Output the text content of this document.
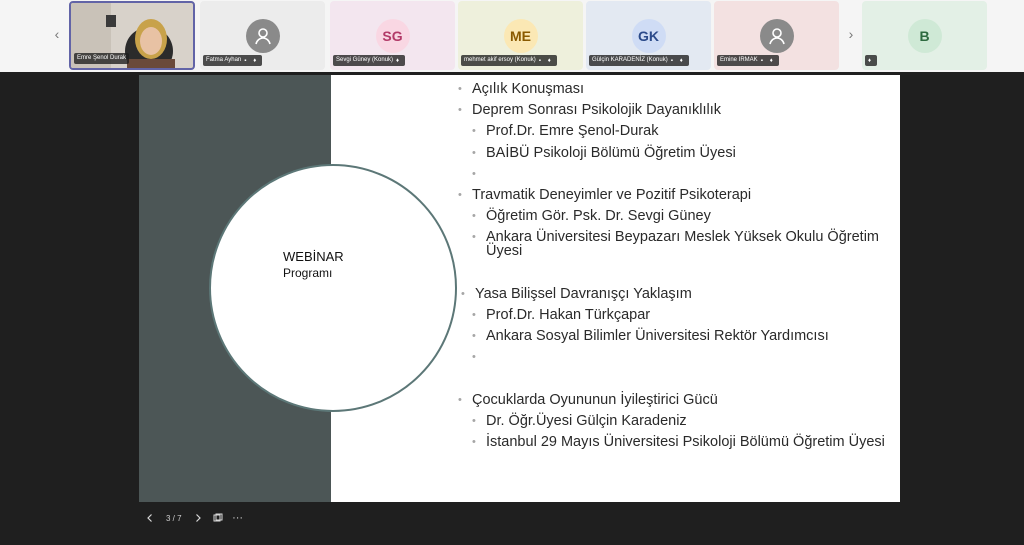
‹
Emre Şenol Durak	Fatma Ayhan ▪	♦
SG
Sevgi Güney (Konuk) ♦
ME
mehmet akif ersoy (Konuk) ▪	♦
GK
Gülçin KARADENİZ (Konuk) ▪	♦	Emine IRMAK ▪	♦
›	B
♦
WEBİNAR
Programı
• Açılık Konuşması
• Deprem Sonrası Psikolojik Dayanıklılık
• Prof.Dr. Emre Şenol-Durak
• BAİBÜ Psikoloji Bölümü Öğretim Üyesi
• Travmatik Deneyimler ve Pozitif Psikoterapi
• Öğretim Gör. Psk. Dr. Sevgi Güney
• Ankara Üniversitesi Beypazarı Meslek Yüksek Okulu Öğretim Üyesi
• Yasa Bilişsel Davranışçı Yaklaşım
• Prof.Dr. Hakan Türkçapar
• Ankara Sosyal Bilimler Üniversitesi Rektör Yardımcısı
• Çocuklarda Oyununun İyileştirici Gücü
• Dr. Öğr.Üyesi Gülçin Karadeniz
• İstanbul 29 Mayıs Üniversitesi Psikoloji Bölümü Öğretim Üyesi
3 / 7	···
